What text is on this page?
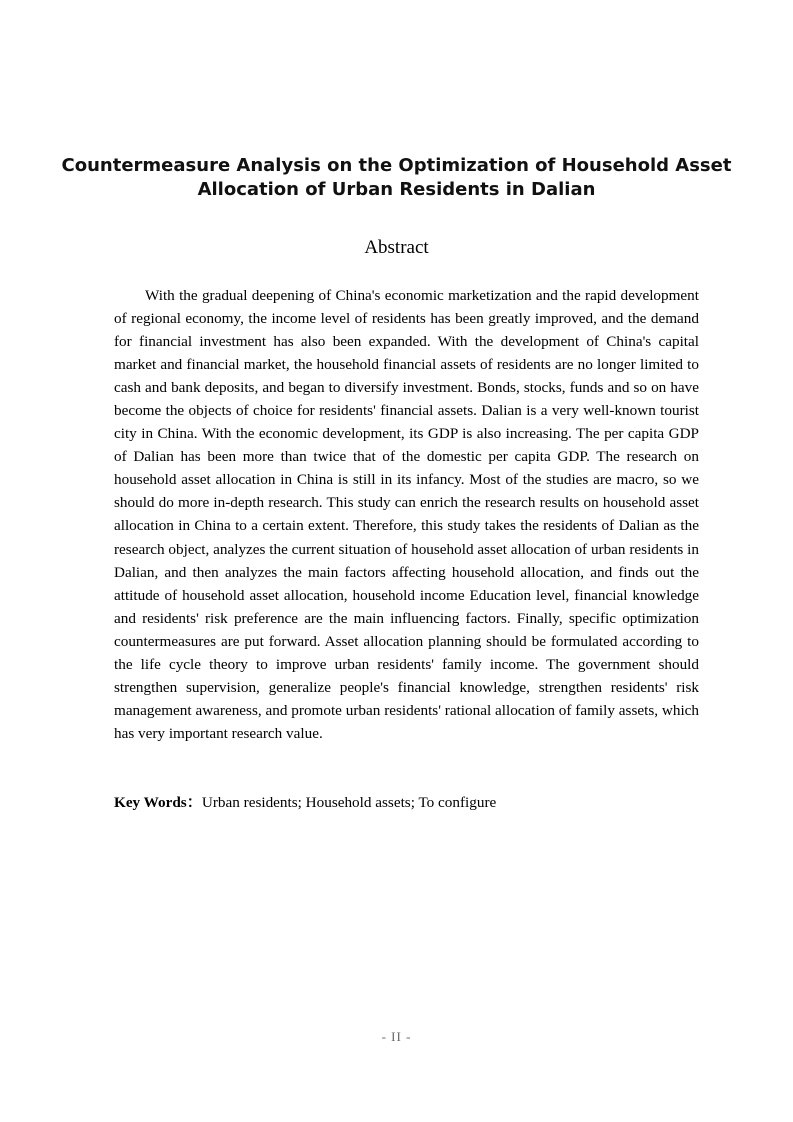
Countermeasure Analysis on the Optimization of Household Asset
Allocation of Urban Residents in Dalian
Abstract

With the gradual deepening of China's economic marketization and the rapid development of regional economy, the income level of residents has been greatly improved, and the demand for financial investment has also been expanded. With the development of China's capital market and financial market, the household financial assets of residents are no longer limited to cash and bank deposits, and began to diversify investment. Bonds, stocks, funds and so on have become the objects of choice for residents' financial assets. Dalian is a very well-known tourist city in China. With the economic development, its GDP is also increasing. The per capita GDP of Dalian has been more than twice that of the domestic per capita GDP. The research on household asset allocation in China is still in its infancy. Most of the studies are macro, so we should do more in-depth research. This study can enrich the research results on household asset allocation in China to a certain extent. Therefore, this study takes the residents of Dalian as the research object, analyzes the current situation of household asset allocation of urban residents in Dalian, and then analyzes the main factors affecting household allocation, and finds out the attitude of household asset allocation, household income Education level, financial knowledge and residents' risk preference are the main influencing factors. Finally, specific optimization countermeasures are put forward. Asset allocation planning should be formulated according to the life cycle theory to improve urban residents' family income. The government should strengthen supervision, generalize people's financial knowledge, strengthen residents' risk management awareness, and promote urban residents' rational allocation of family assets, which has very important research value.

Key Words：Urban residents; Household assets; To configure

- II -
